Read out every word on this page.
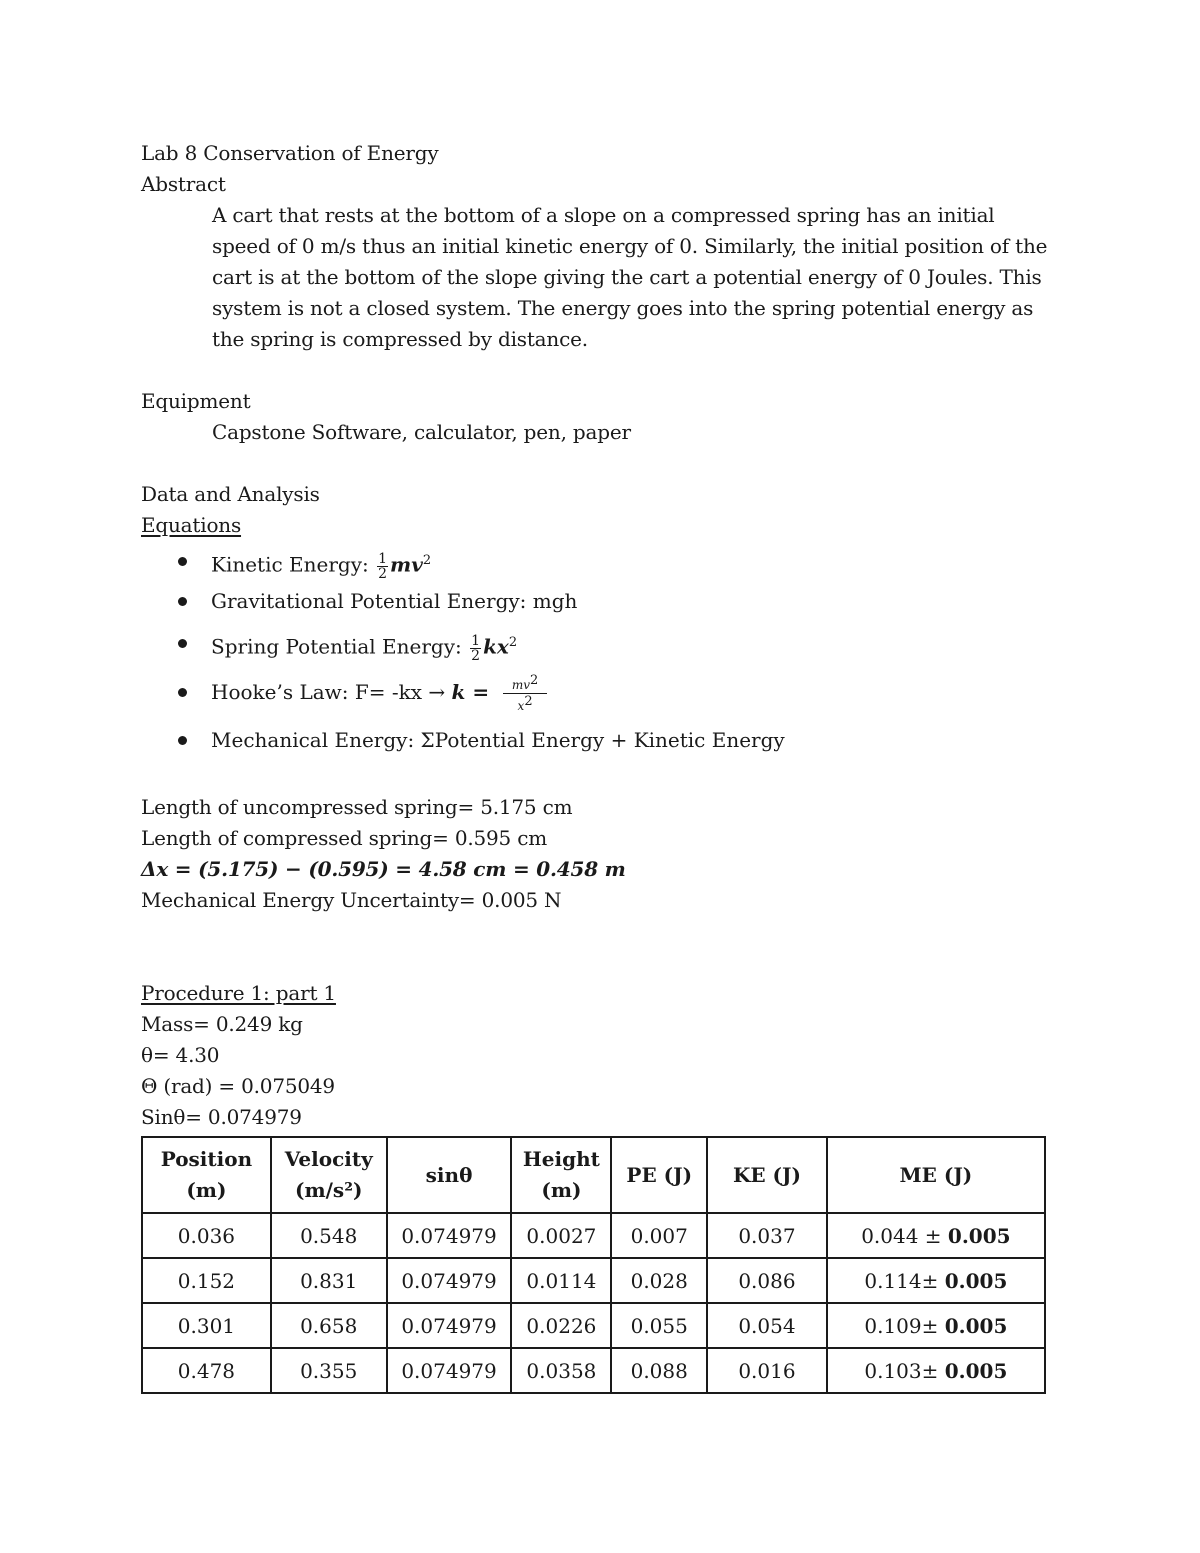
Lab 8 Conservation of Energy
Abstract
A cart that rests at the bottom of a slope on a compressed spring has an initial speed of 0 m/s thus an initial kinetic energy of 0. Similarly, the initial position of the cart is at the bottom of the slope giving the cart a potential energy of 0 Joules. This system is not a closed system. The energy goes into the spring potential energy as the spring is compressed by distance.
Equipment
Capstone Software, calculator, pen, paper
Data and Analysis
Equations
Kinetic Energy: $\frac{1}{2} mv^2$
Gravitational Potential Energy: mgh
Spring Potential Energy: $\frac{1}{2} kx^2$
Hooke’s Law: $F= -kx \to k = \frac{mv^2}{x^2}$
Mechanical Energy: ΣPotential Energy + Kinetic Energy
Length of uncompressed spring= 5.175 cm
Length of compressed spring= 0.595 cm
Δx = (5.175) − (0.595) = 4.58 cm = 0.458 m
Mechanical Energy Uncertainty= 0.005 N
Procedure 1: part 1
Mass= 0.249 kg
θ= 4.30
Θ (rad) = 0.075049
Sinθ= 0.074979
Position (m)	Velocity (m/s²)	sinθ	Height (m)	PE (J)	KE (J)	ME (J)
0.036	0.548	0.074979	0.0027	0.007	0.037	0.044 ± 0.005
0.152	0.831	0.074979	0.0114	0.028	0.086	0.114± 0.005
0.301	0.658	0.074979	0.0226	0.055	0.054	0.109± 0.005
0.478	0.355	0.074979	0.0358	0.088	0.016	0.103± 0.005
